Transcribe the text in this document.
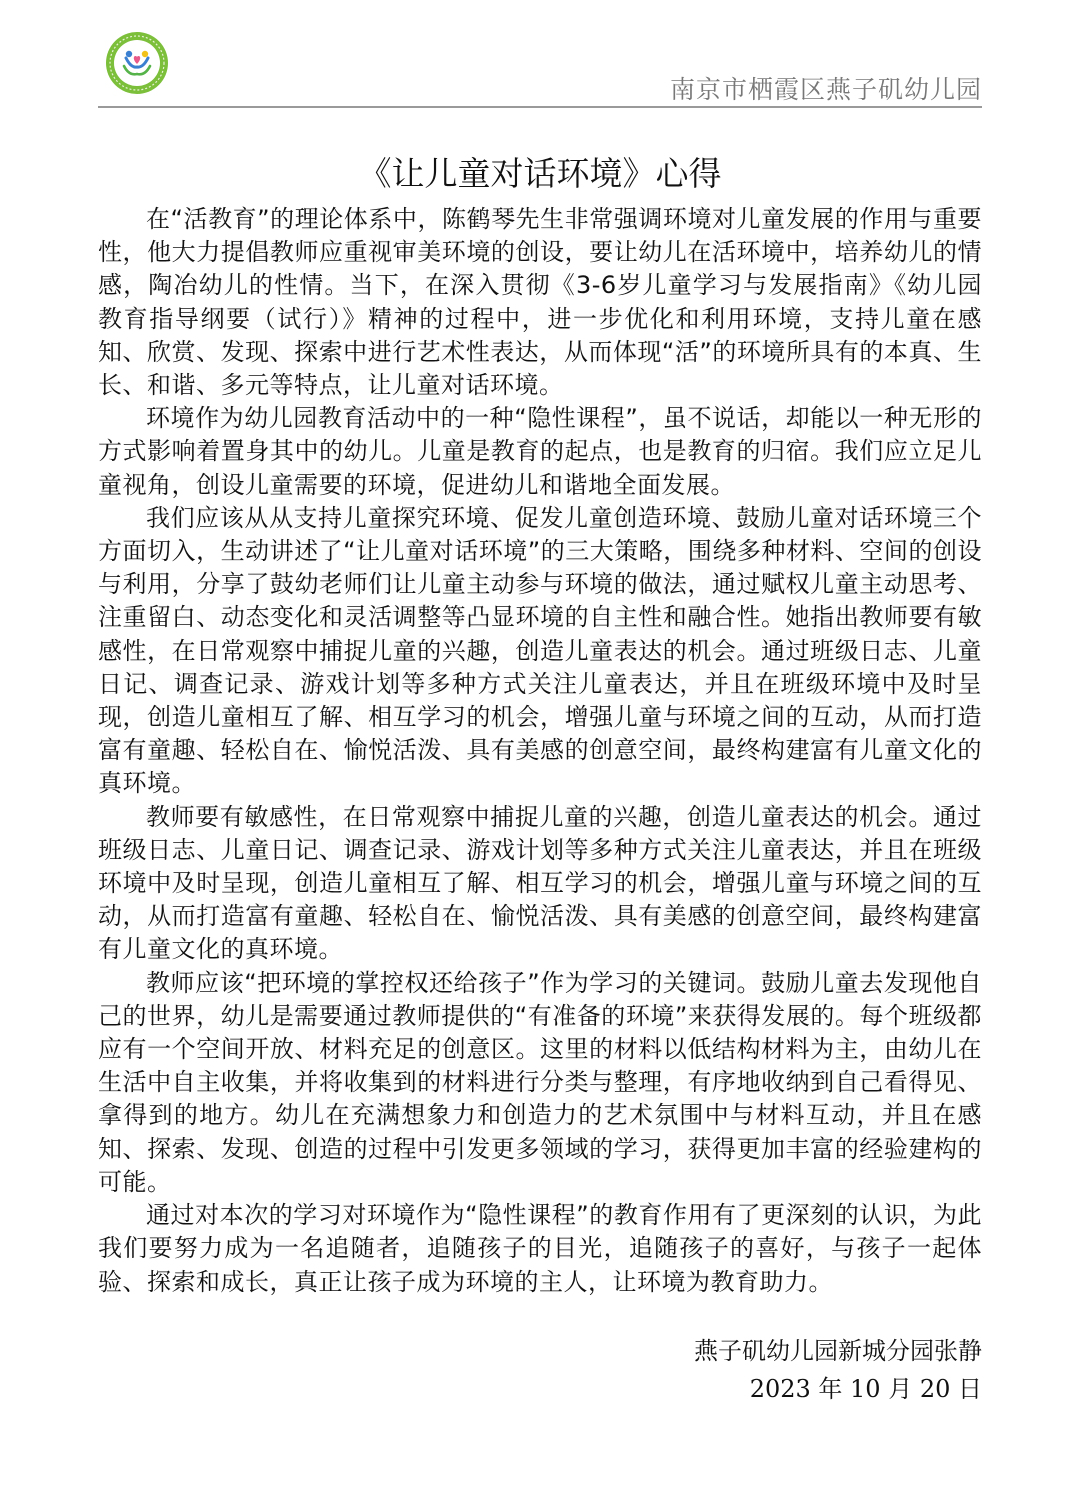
南京市栖霞区燕子矶幼儿园
《让儿童对话环境》心得

在“活教育”的理论体系中，陈鹤琴先生非常强调环境对儿童发展的作用与重要性，他大力提倡教师应重视审美环境的创设，要让幼儿在活环境中，培养幼儿的情感，陶冶幼儿的性情。当下，在深入贯彻《3-6岁儿童学习与发展指南》《幼儿园教育指导纲要（试行）》精神的过程中，进一步优化和利用环境，支持儿童在感知、欣赏、发现、探索中进行艺术性表达，从而体现“活”的环境所具有的本真、生长、和谐、多元等特点，让儿童对话环境。

环境作为幼儿园教育活动中的一种“隐性课程”，虽不说话，却能以一种无形的方式影响着置身其中的幼儿。儿童是教育的起点，也是教育的归宿。我们应立足儿童视角，创设儿童需要的环境，促进幼儿和谐地全面发展。

我们应该从从支持儿童探究环境、促发儿童创造环境、鼓励儿童对话环境三个方面切入，生动讲述了“让儿童对话环境”的三大策略，围绕多种材料、空间的创设与利用，分享了鼓幼老师们让儿童主动参与环境的做法，通过赋权儿童主动思考、注重留白、动态变化和灵活调整等凸显环境的自主性和融合性。她指出教师要有敏感性，在日常观察中捕捉儿童的兴趣，创造儿童表达的机会。通过班级日志、儿童日记、调查记录、游戏计划等多种方式关注儿童表达，并且在班级环境中及时呈现，创造儿童相互了解、相互学习的机会，增强儿童与环境之间的互动，从而打造富有童趣、轻松自在、愉悦活泼、具有美感的创意空间，最终构建富有儿童文化的真环境。

教师要有敏感性，在日常观察中捕捉儿童的兴趣，创造儿童表达的机会。通过班级日志、儿童日记、调查记录、游戏计划等多种方式关注儿童表达，并且在班级环境中及时呈现，创造儿童相互了解、相互学习的机会，增强儿童与环境之间的互动，从而打造富有童趣、轻松自在、愉悦活泼、具有美感的创意空间，最终构建富有儿童文化的真环境。

教师应该“把环境的掌控权还给孩子”作为学习的关键词。鼓励儿童去发现他自己的世界，幼儿是需要通过教师提供的“有准备的环境”来获得发展的。每个班级都应有一个空间开放、材料充足的创意区。这里的材料以低结构材料为主，由幼儿在生活中自主收集，并将收集到的材料进行分类与整理，有序地收纳到自己看得见、拿得到的地方。幼儿在充满想象力和创造力的艺术氛围中与材料互动，并且在感知、探索、发现、创造的过程中引发更多领域的学习，获得更加丰富的经验建构的可能。

通过对本次的学习对环境作为“隐性课程”的教育作用有了更深刻的认识，为此我们要努力成为一名追随者，追随孩子的目光，追随孩子的喜好，与孩子一起体验、探索和成长，真正让孩子成为环境的主人，让环境为教育助力。

燕子矶幼儿园新城分园张静
2023 年 10 月 20 日
